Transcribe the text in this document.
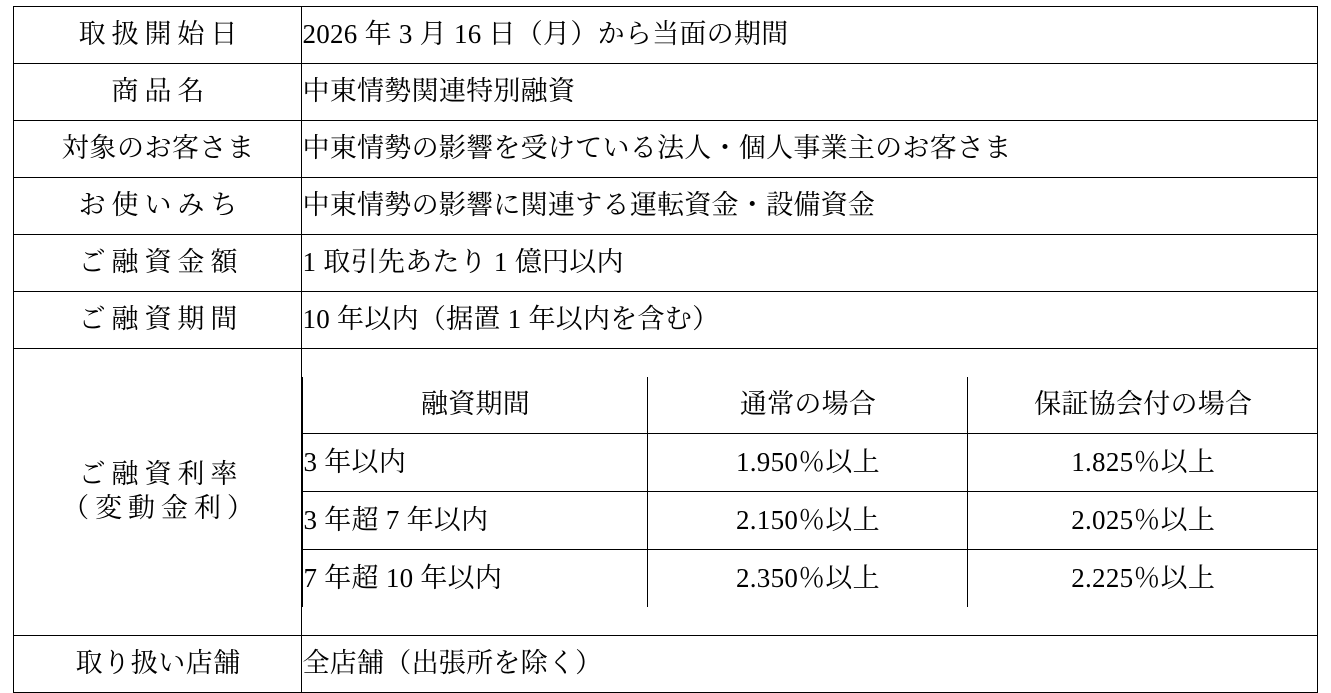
取扱開始日	2026 年 3 月 16 日（月）から当面の期間
商品名	中東情勢関連特別融資
対象のお客さま	中東情勢の影響を受けている法人・個人事業主のお客さま
お使いみち	中東情勢の影響に関連する運転資金・設備資金
ご融資金額	1 取引先あたり 1 億円以内
ご融資期間	10 年以内（据置 1 年以内を含む）

ご融資利率
（変動金利）

融資期間	通常の場合	保証協会付の場合
3 年以内	1.950％以上	1.825％以上
3 年超 7 年以内	2.150％以上	2.025％以上
7 年超 10 年以内	2.350％以上	2.225％以上

取り扱い店舗	全店舗（出張所を除く）
